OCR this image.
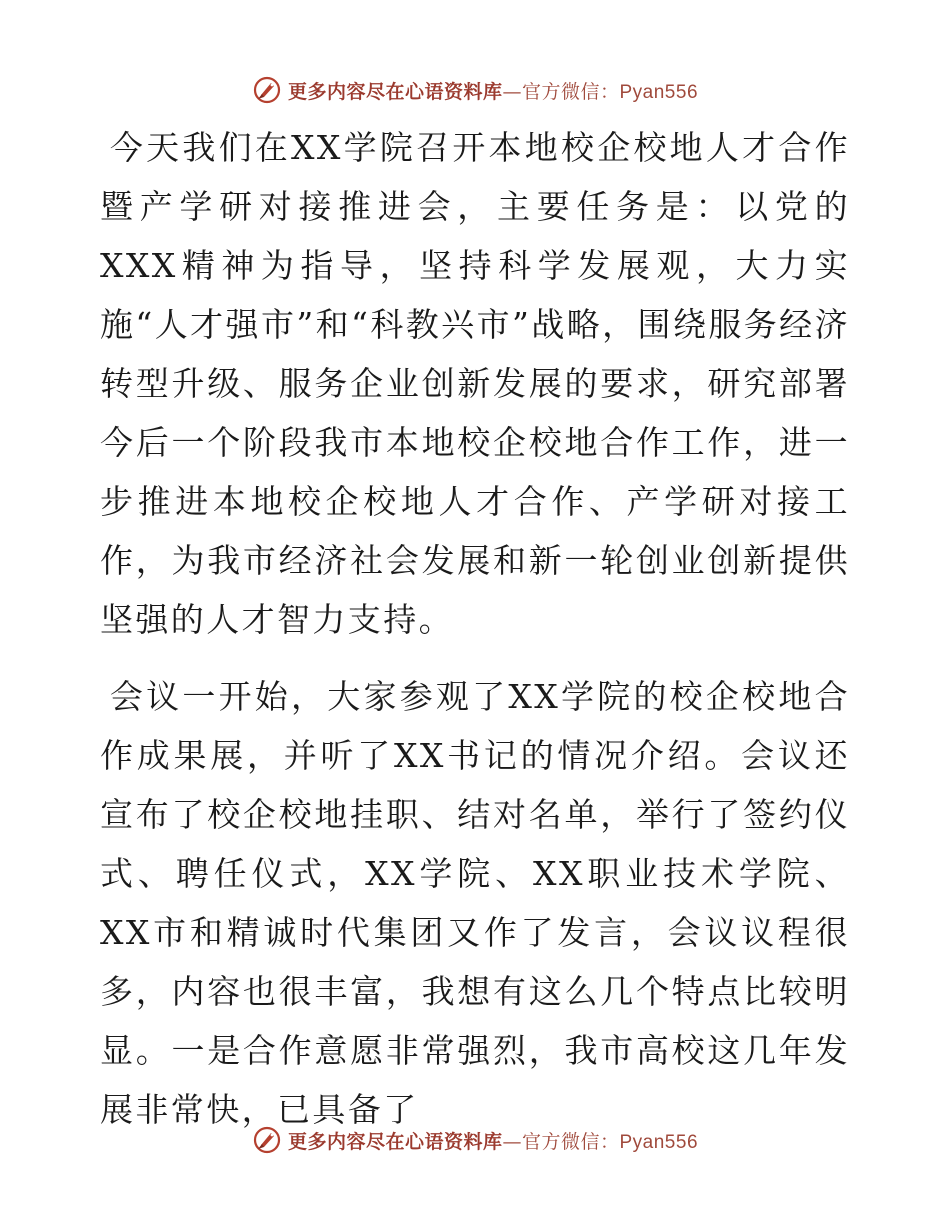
更多内容尽在心语资料库—官方微信：Pyan556

今天我们在XX学院召开本地校企校地人才合作暨产学研对接推进会，主要任务是：以党的XXX精神为指导，坚持科学发展观，大力实施“人才强市”和“科教兴市”战略，围绕服务经济转型升级、服务企业创新发展的要求，研究部署今后一个阶段我市本地校企校地合作工作，进一步推进本地校企校地人才合作、产学研对接工作，为我市经济社会发展和新一轮创业创新提供坚强的人才智力支持。

会议一开始，大家参观了XX学院的校企校地合作成果展，并听了XX书记的情况介绍。会议还宣布了校企校地挂职、结对名单，举行了签约仪式、聘任仪式，XX学院、XX职业技术学院、XX市和精诚时代集团又作了发言，会议议程很多，内容也很丰富，我想有这么几个特点比较明显。一是合作意愿非常强烈，我市高校这几年发展非常快，已具备了

更多内容尽在心语资料库—官方微信：Pyan556
